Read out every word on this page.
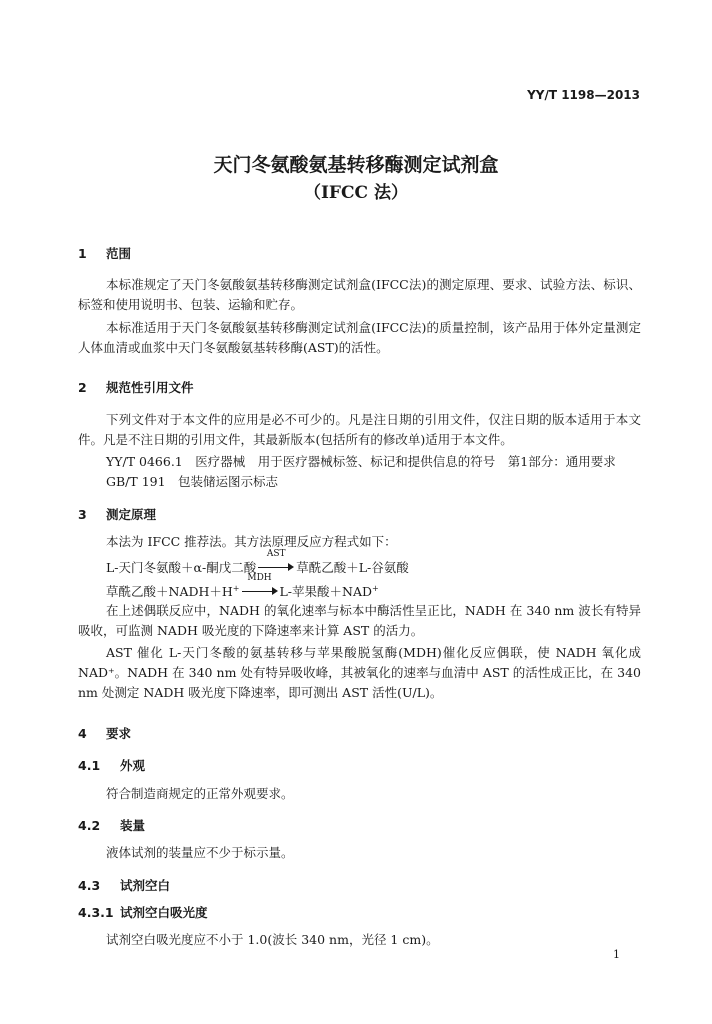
YY/T 1198—2013
天门冬氨酸氨基转移酶测定试剂盒
（IFCC 法）
1 范围
本标准规定了天门冬氨酸氨基转移酶测定试剂盒(IFCC法)的测定原理、要求、试验方法、标识、标签和使用说明书、包装、运输和贮存。
本标准适用于天门冬氨酸氨基转移酶测定试剂盒(IFCC法)的质量控制，该产品用于体外定量测定人体血清或血浆中天门冬氨酸氨基转移酶(AST)的活性。
2 规范性引用文件
下列文件对于本文件的应用是必不可少的。凡是注日期的引用文件，仅注日期的版本适用于本文件。凡是不注日期的引用文件，其最新版本(包括所有的修改单)适用于本文件。
YY/T 0466.1　医疗器械　用于医疗器械标签、标记和提供信息的符号　第1部分：通用要求
GB/T 191　包装储运图示标志
3 测定原理
本法为 IFCC 推荐法。其方法原理反应方程式如下：
L-天门冬氨酸＋α-酮戊二酸
AST
草酰乙酸＋L-谷氨酸
草酰乙酸＋NADH＋H+
MDH
L-苹果酸＋NAD+
在上述偶联反应中，NADH 的氧化速率与标本中酶活性呈正比，NADH 在 340 nm 波长有特异吸收，可监测 NADH 吸光度的下降速率来计算 AST 的活力。
AST 催化 L-天门冬酸的氨基转移与苹果酸脱氢酶(MDH)催化反应偶联，使 NADH 氧化成 NAD⁺。NADH 在 340 nm 处有特异吸收峰，其被氧化的速率与血清中 AST 的活性成正比，在 340 nm 处测定 NADH 吸光度下降速率，即可测出 AST 活性(U/L)。
4 要求
4.1 外观
符合制造商规定的正常外观要求。
4.2 装量
液体试剂的装量应不少于标示量。
4.3 试剂空白
4.3.1 试剂空白吸光度
试剂空白吸光度应不小于 1.0(波长 340 nm，光径 1 cm)。
1
